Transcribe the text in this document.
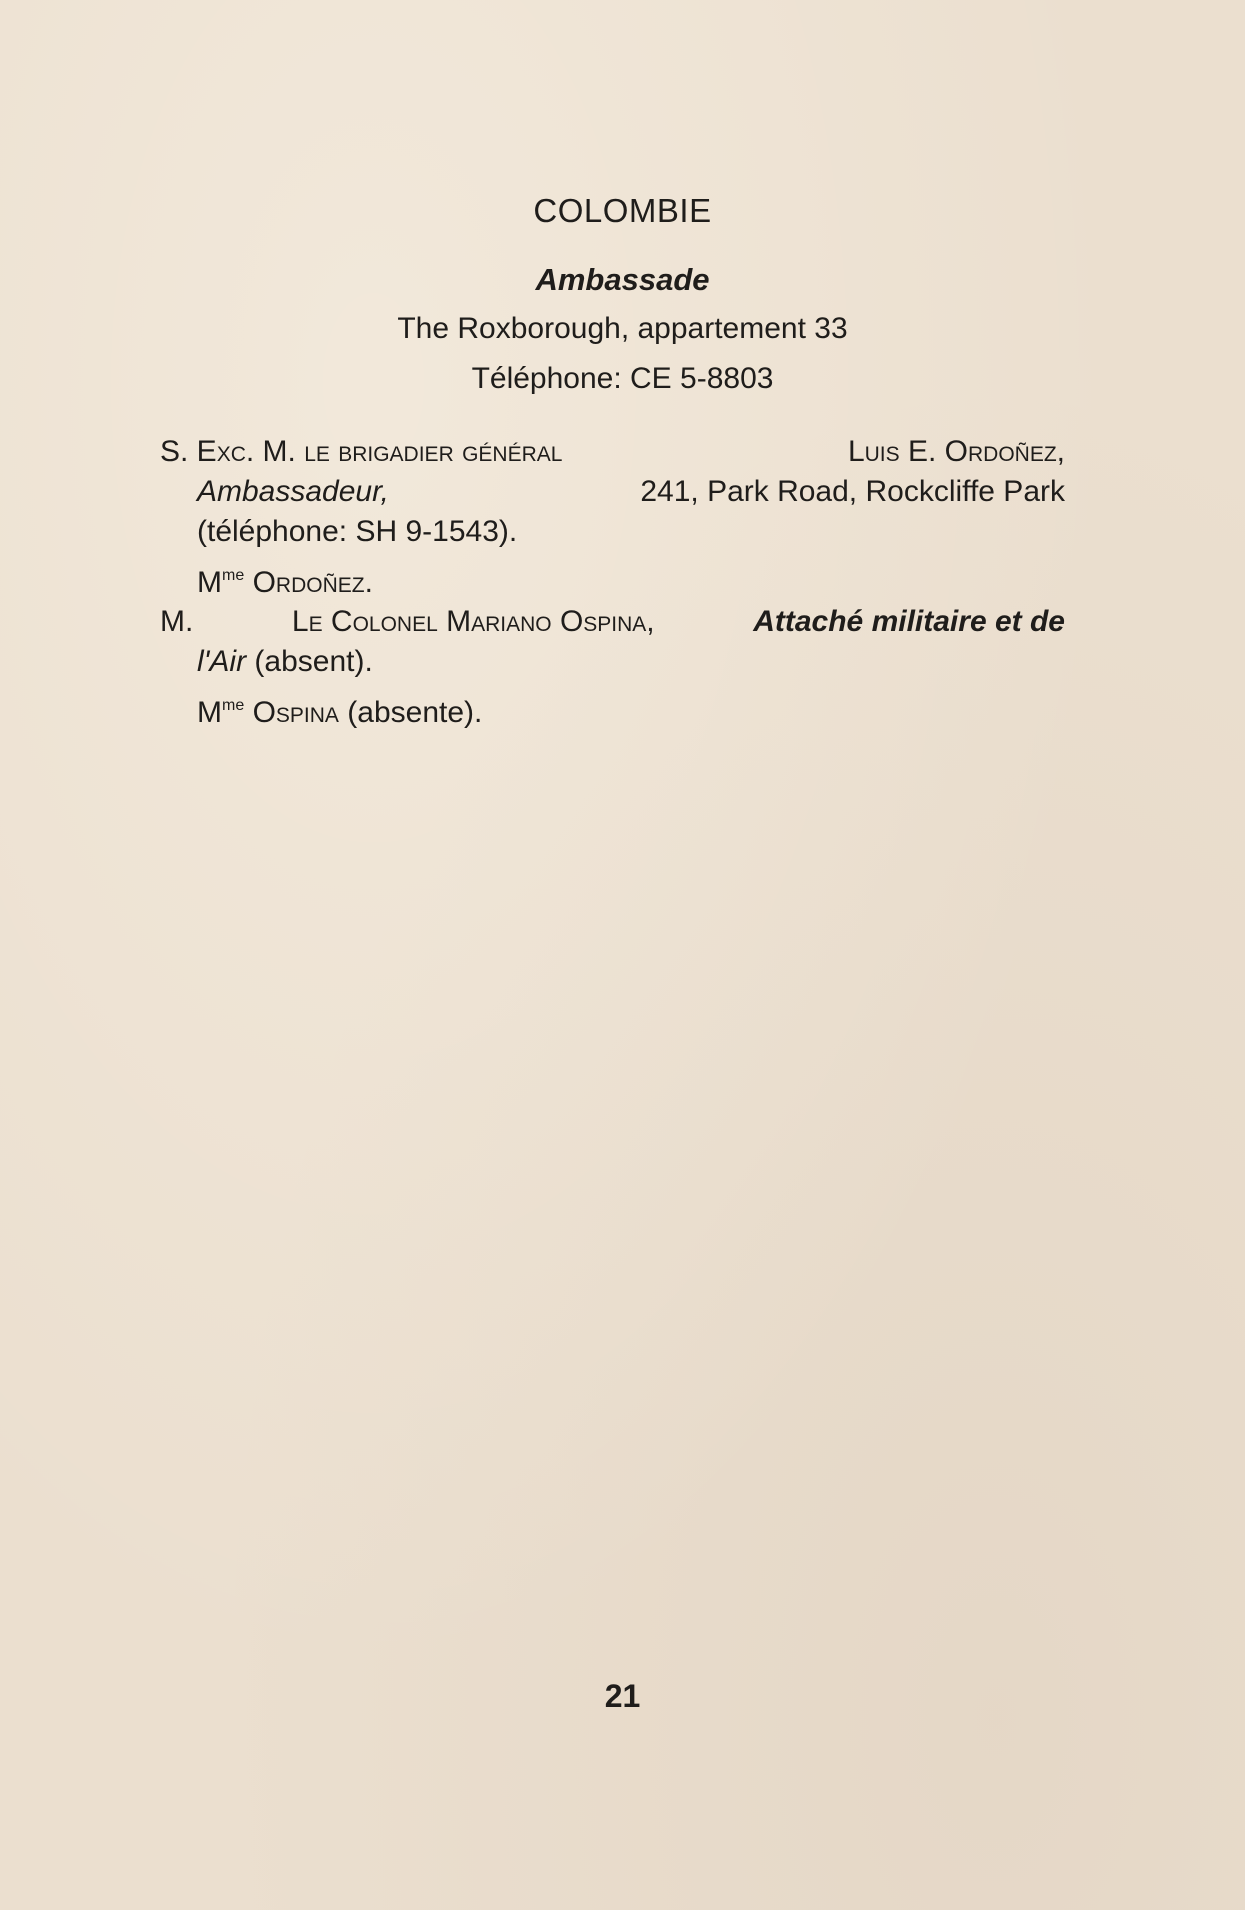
COLOMBIE
Ambassade
The Roxborough, appartement 33
Téléphone: CE 5-8803
S. Exc. M. le brigadier général	Luis E. Ordoñez,
Ambassadeur,	241, Park Road, Rockcliffe Park
(téléphone: SH 9-1543).
$M^{me}$ Ordoñez.
M.	Le Colonel Mariano Ospina,	Attaché militaire et de
l'Air (absent).
$M^{me}$ Ospina (absente).
21
